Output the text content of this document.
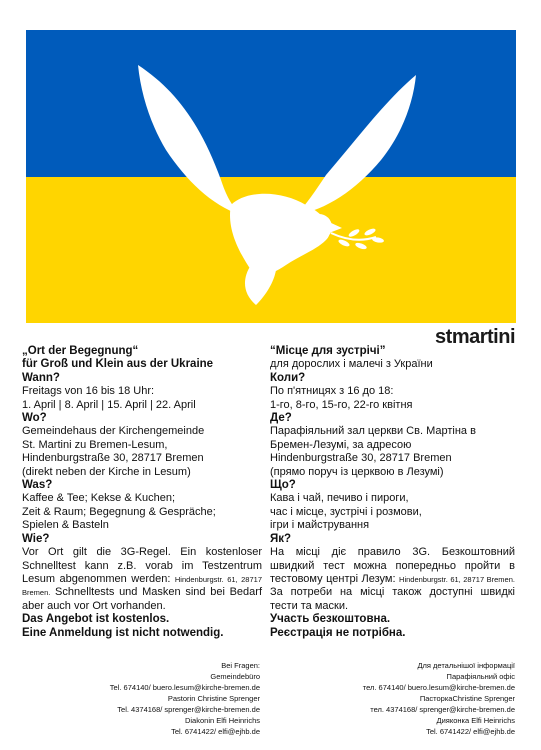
stmartini
„Ort der Begegnung“
für Groß und Klein aus der Ukraine
Wann?
Freitags von 16 bis 18 Uhr:
1. April | 8. April | 15. April | 22. April
Wo?
Gemeindehaus der Kirchengemeinde
St. Martini zu Bremen-Lesum,
Hindenburgstraße 30, 28717 Bremen
(direkt neben der Kirche in Lesum)
Was?
Kaffee & Tee; Kekse & Kuchen;
Zeit & Raum; Begegnung & Gespräche;
Spielen & Basteln
Wie?
Vor Ort gilt die 3G-Regel. Ein kostenloser Schnelltest kann z.B. vorab im Testzentrum Lesum abgenommen werden: Hindenburgstr. 61, 28717 Bremen. Schnelltests und Masken sind bei Bedarf aber auch vor Ort vorhanden.
Das Angebot ist kostenlos.
Eine Anmeldung ist nicht notwendig.
“Місце для зустрічі”
для дорослих і малечі з України
Коли?
По п'ятницях з 16 до 18:
1-го, 8-го, 15-го, 22-го квітня
Де?
Парафіяльний зал церкви Св. Мартіна в
Бремен-Лезумі, за адресою
Hindenburgstraße 30, 28717 Bremen
(прямо поруч із церквою в Лезумі)
Що?
Кава і чай, печиво і пироги,
час і місце, зустрічі і розмови,
ігри і майстрування
Як?
На місці діє правило 3G. Безкоштовний швидкий тест можна попередньо пройти в тестовому центрі Лезум: Hindenburgstr. 61, 28717 Bremen. За потреби на місці також доступні швидкі тести та маски.
Участь безкоштовна.
Реєстрація не потрібна.
Bei Fragen:
Gemeindebüro
Tel. 674140/ buero.lesum@kirche-bremen.de
Pastorin Christine Sprenger
Tel. 4374168/ sprenger@kirche-bremen.de
Diakonin Elfi Heinrichs
Tel. 6741422/ elfi@ejhb.de
Для детальнішої інформації
Парафіяльний офіс
тел. 674140/ buero.lesum@kirche-bremen.de
ПасторкаChristine Sprenger
тел. 4374168/ sprenger@kirche-bremen.de
Дияконка Elfi Heinrichs
Tel. 6741422/ elfi@ejhb.de
